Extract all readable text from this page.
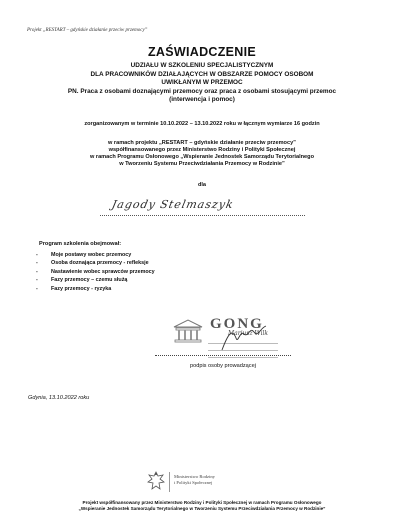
Projekt „RESTART – gdyńskie działanie przeciw przemocy”
ZAŚWIADCZENIE
UDZIAŁU W SZKOLENIU SPECJALISTYCZNYM
DLA PRACOWNIKÓW DZIAŁAJĄCYCH W OBSZARZE POMOCY OSOBOM
UWIKŁANYM W PRZEMOC
PN. Praca z osobami doznającymi przemocy oraz praca z osobami stosującymi przemoc
(interwencja i pomoc)
zorganizowanym w terminie 10.10.2022 – 13.10.2022 roku w łącznym wymiarze 16 godzin
w ramach projektu „RESTART – gdyńskie działanie przeciw przemocy”
współfinansowanego przez Ministerstwo Rodziny i Polityki Społecznej
w ramach Programu Osłonowego „Wspieranie Jednostek Samorządu Terytorialnego
w Tworzeniu Systemu Przeciwdziałania Przemocy w Rodzinie”
dla
Jagody Stelmaszyk
Program szkolenia obejmował:
- Moje postawy wobec przemocy
- Osoba doznająca przemocy - refleksje
- Nastawienie wobec sprawców przemocy
- Fazy przemocy – czemu służą
- Fazy przemocy - ryzyka
GONG
Mariusz Wilk
podpis osoby prowadzącej
Gdynia, 13.10.2022 roku
Ministerstwo Rodziny
i Polityki Społecznej
Projekt współfinansowany przez Ministerstwo Rodziny i Polityki Społecznej w ramach Programu Osłonowego
„Wspieranie Jednostek Samorządu Terytorialnego w Tworzeniu Systemu Przeciwdziałania Przemocy w Rodzinie”
